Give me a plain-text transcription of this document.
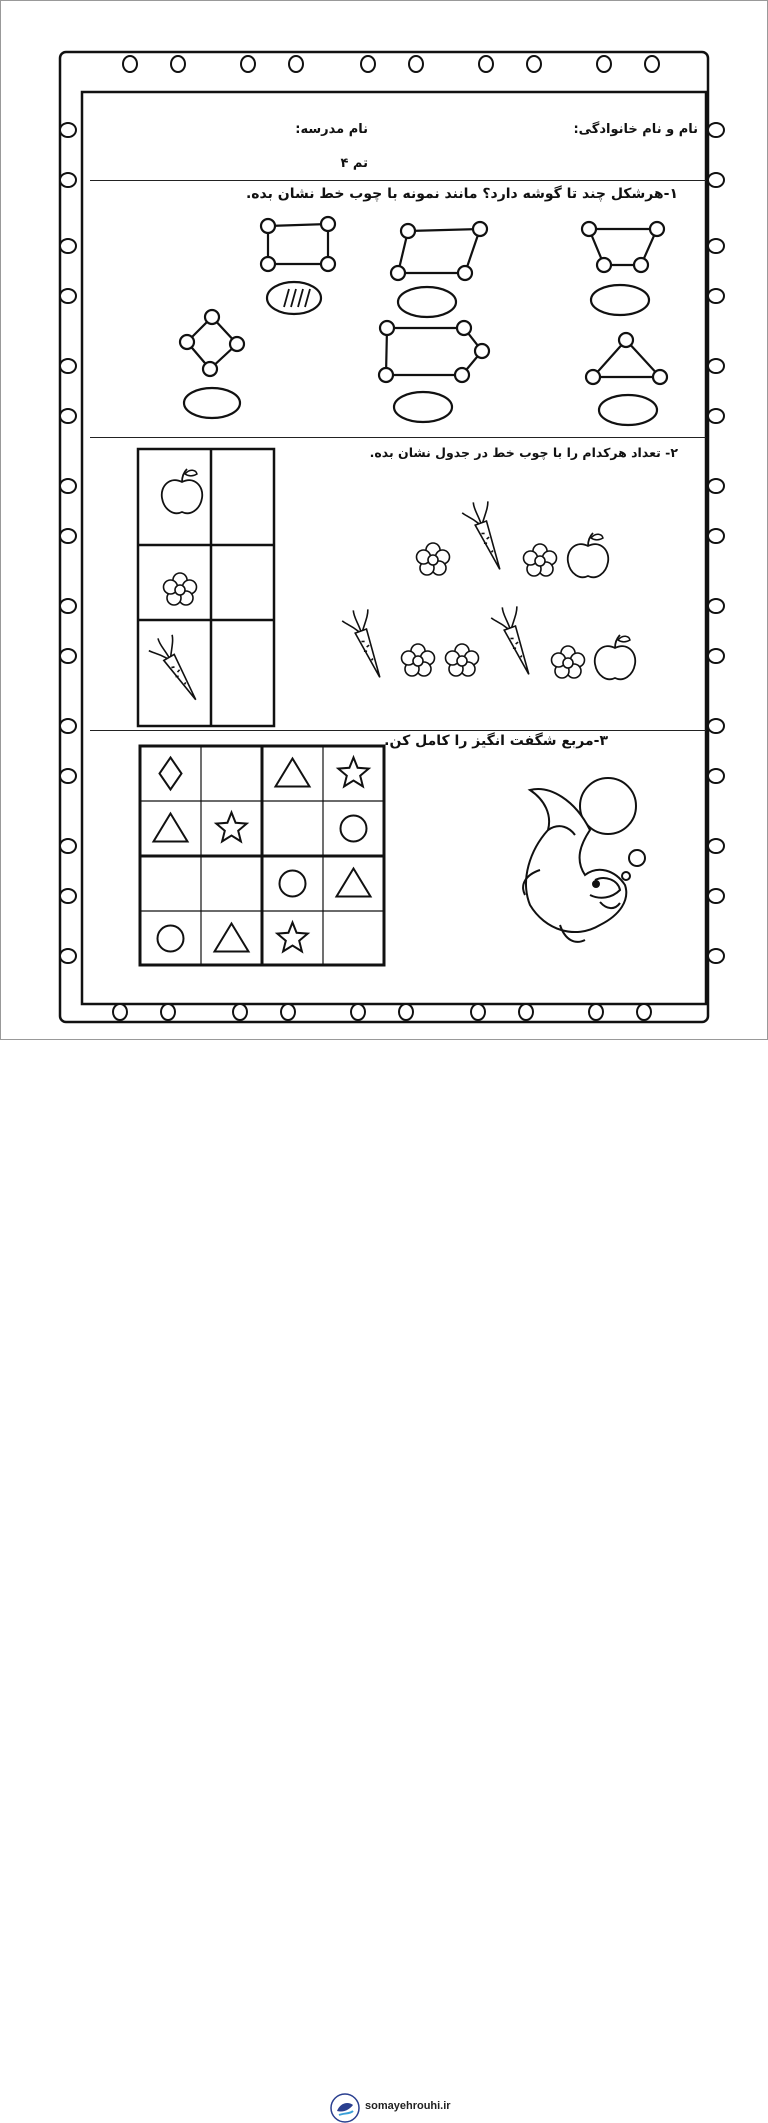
نام و نام خانوادگی:
نام مدرسه:
تم ۴
۱-هرشکل چند تا گوشه دارد؟ مانند نمونه با چوب خط نشان بده.
۲- تعداد هرکدام را با چوب خط در جدول نشان بده.
۳-مربع شگفت انگیز را کامل کن.
somayehrouhi.ir
